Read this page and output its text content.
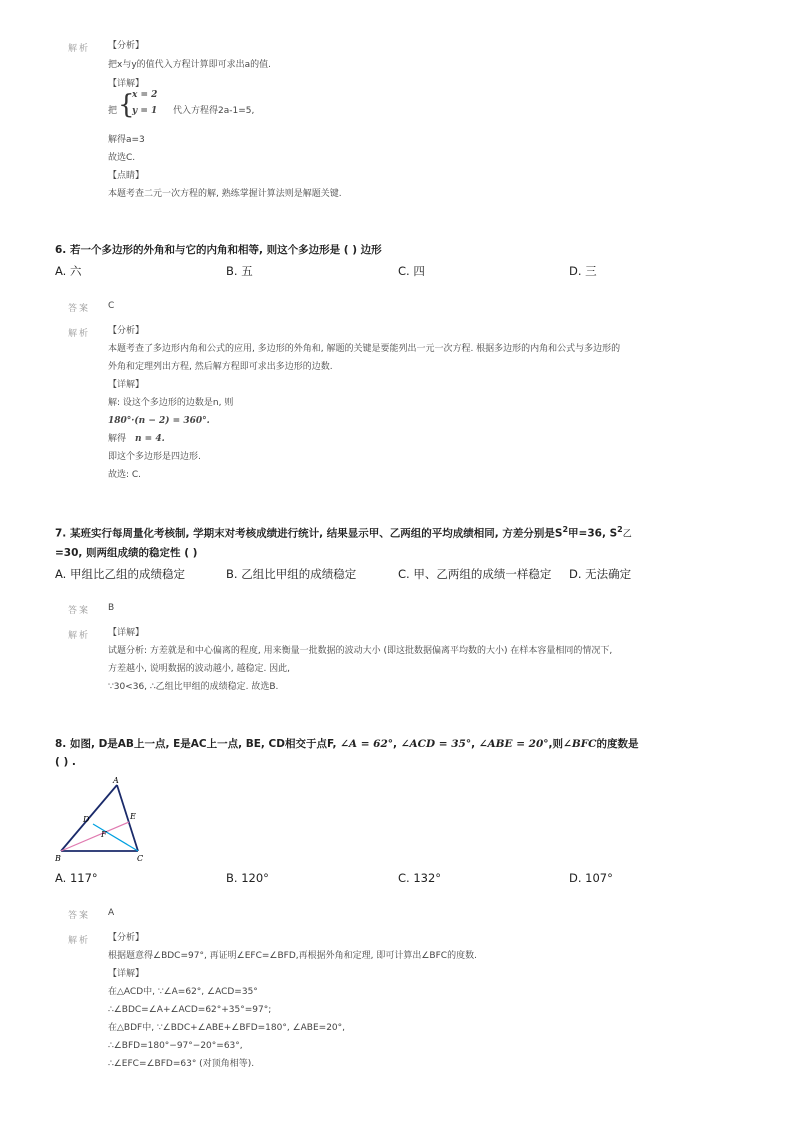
解析 【分析】
把x与y的值代入方程计算即可求出a的值.
【详解】
把 {
x = 2
y = 1 代入方程得2a-1=5,
解得a=3
故选C.
【点睛】
本题考查二元一次方程的解, 熟练掌握计算法则是解题关键.
6. 若一个多边形的外角和与它的内角和相等, 则这个多边形是 ( ) 边形
A. 六	B. 五	C. 四	D. 三
答案 C
解析 【分析】
本题考查了多边形内角和公式的应用, 多边形的外角和, 解题的关键是要能列出一元一次方程. 根据多边形的内角和公式与多边形的
外角和定理列出方程, 然后解方程即可求出多边形的边数.
【详解】
解: 设这个多边形的边数是n, 则
180°·(n − 2) = 360°.
解得 n = 4.
即这个多边形是四边形.
故选: C.
7. 某班实行每周量化考核制, 学期末对考核成绩进行统计, 结果显示甲、乙两组的平均成绩相同, 方差分别是$S^2$甲=36, $S^2$乙
=30, 则两组成绩的稳定性 ( )
A. 甲组比乙组的成绩稳定	B. 乙组比甲组的成绩稳定	C. 甲、乙两组的成绩一样稳定 D. 无法确定
答案 B
解析 【详解】
试题分析: 方差就是和中心偏离的程度, 用来衡量一批数据的波动大小 (即这批数据偏离平均数的大小) 在样本容量相同的情况下,
方差越小, 说明数据的波动越小, 越稳定. 因此,
∵30<36, ∴乙组比甲组的成绩稳定. 故选B.
8. 如图, D是AB上一点, E是AC上一点, BE, CD相交于点F, ∠A = 62°, ∠ACD = 35°, ∠ABE = 20°,则∠BFC的度数是
( ) .
A
B	C
D	E
F
A. 117°	B. 120°	C. 132°	D. 107°
答案 A
解析 【分析】
根据题意得∠BDC=97°, 再证明∠EFC=∠BFD,再根据外角和定理, 即可计算出∠BFC的度数.
【详解】
在△ACD中, ∵∠A=62°, ∠ACD=35°
∴∠BDC=∠A+∠ACD=62°+35°=97°;
在△BDF中, ∵∠BDC+∠ABE+∠BFD=180°, ∠ABE=20°,
∴∠BFD=180°−97°−20°=63°,
∴∠EFC=∠BFD=63° (对顶角相等).
